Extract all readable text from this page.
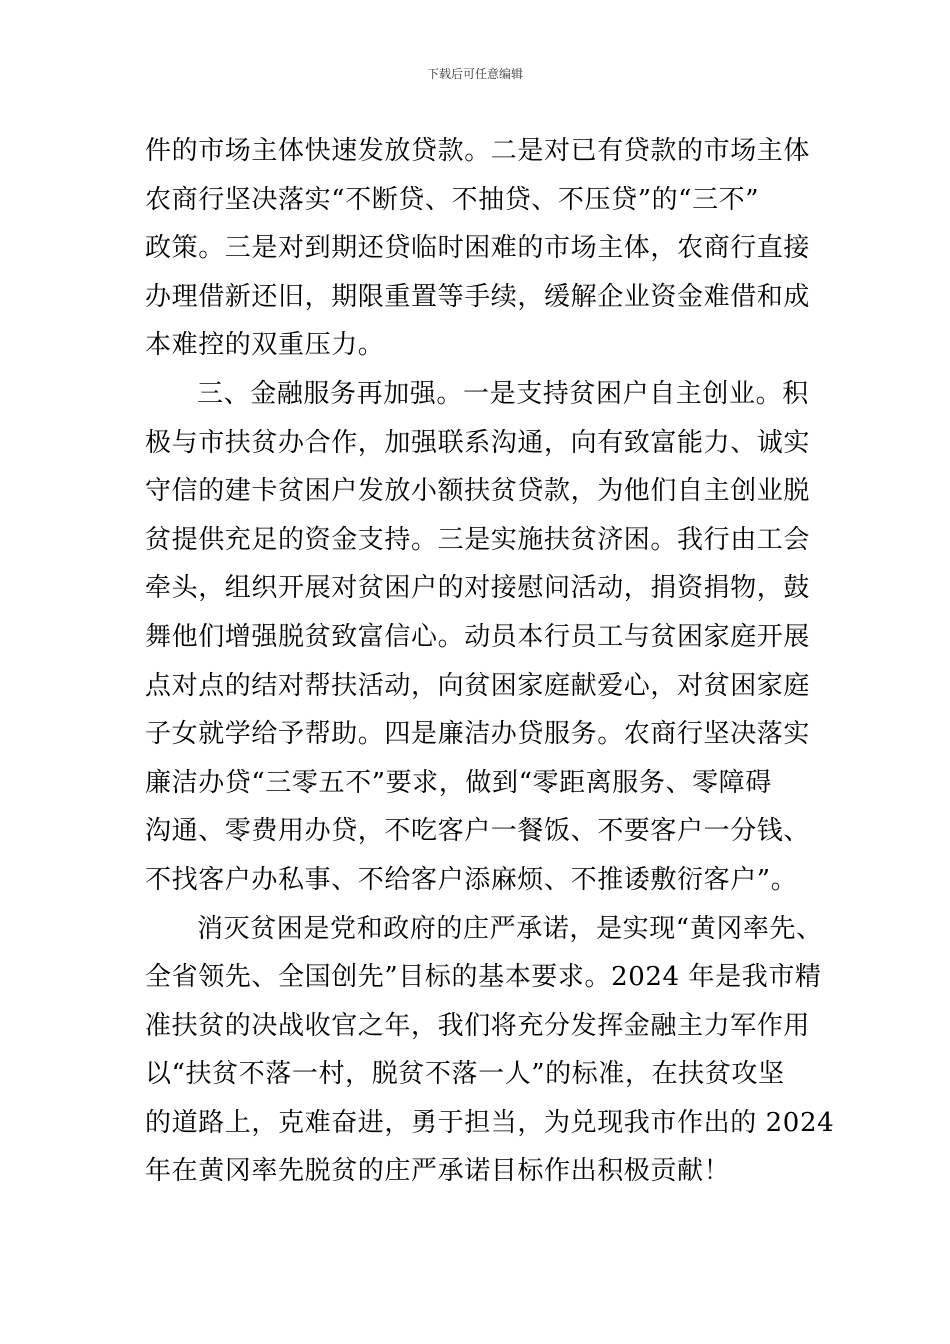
下载后可任意编辑
件的市场主体快速发放贷款。二是对已有贷款的市场主体
农商行坚决落实“不断贷、不抽贷、不压贷”的“三不”
政策。三是对到期还贷临时困难的市场主体，农商行直接
办理借新还旧，期限重置等手续，缓解企业资金难借和成
本难控的双重压力。
三、金融服务再加强。一是支持贫困户自主创业。积
极与市扶贫办合作，加强联系沟通，向有致富能力、诚实
守信的建卡贫困户发放小额扶贫贷款，为他们自主创业脱
贫提供充足的资金支持。三是实施扶贫济困。我行由工会
牵头，组织开展对贫困户的对接慰问活动，捐资捐物，鼓
舞他们增强脱贫致富信心。动员本行员工与贫困家庭开展
点对点的结对帮扶活动，向贫困家庭献爱心，对贫困家庭
子女就学给予帮助。四是廉洁办贷服务。农商行坚决落实
廉洁办贷“三零五不”要求，做到“零距离服务、零障碍
沟通、零费用办贷，不吃客户一餐饭、不要客户一分钱、
不找客户办私事、不给客户添麻烦、不推诿敷衍客户”。
消灭贫困是党和政府的庄严承诺，是实现“黄冈率先、
全省领先、全国创先”目标的基本要求。2024 年是我市精
准扶贫的决战收官之年，我们将充分发挥金融主力军作用
以“扶贫不落一村，脱贫不落一人”的标准，在扶贫攻坚
的道路上，克难奋进，勇于担当，为兑现我市作出的 2024
年在黄冈率先脱贫的庄严承诺目标作出积极贡献！
